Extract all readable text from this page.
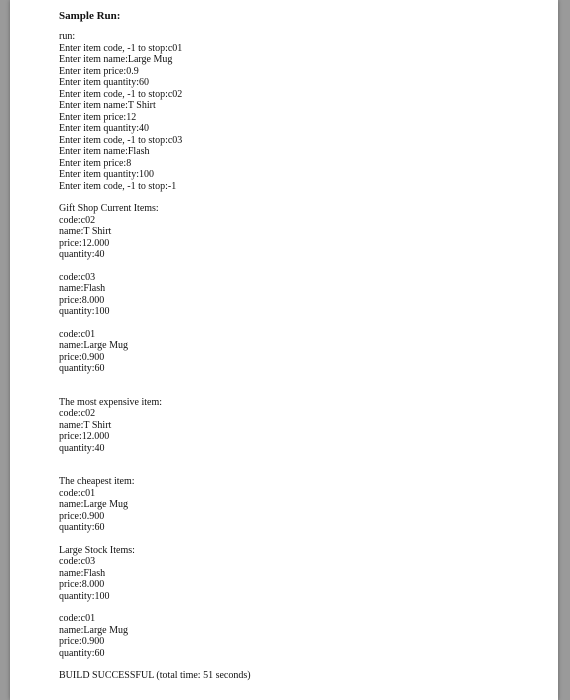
Sample Run:
run:
Enter item code, -1 to stop:c01
Enter item name:Large Mug
Enter item price:0.9
Enter item quantity:60
Enter item code, -1 to stop:c02
Enter item name:T Shirt
Enter item price:12
Enter item quantity:40
Enter item code, -1 to stop:c03
Enter item name:Flash
Enter item price:8
Enter item quantity:100
Enter item code, -1 to stop:-1
Gift Shop Current Items:
code:c02
name:T Shirt
price:12.000
quantity:40
code:c03
name:Flash
price:8.000
quantity:100
code:c01
name:Large Mug
price:0.900
quantity:60
The most expensive item:
code:c02
name:T Shirt
price:12.000
quantity:40
The cheapest item:
code:c01
name:Large Mug
price:0.900
quantity:60
Large Stock Items:
code:c03
name:Flash
price:8.000
quantity:100
code:c01
name:Large Mug
price:0.900
quantity:60
BUILD SUCCESSFUL (total time: 51 seconds)
